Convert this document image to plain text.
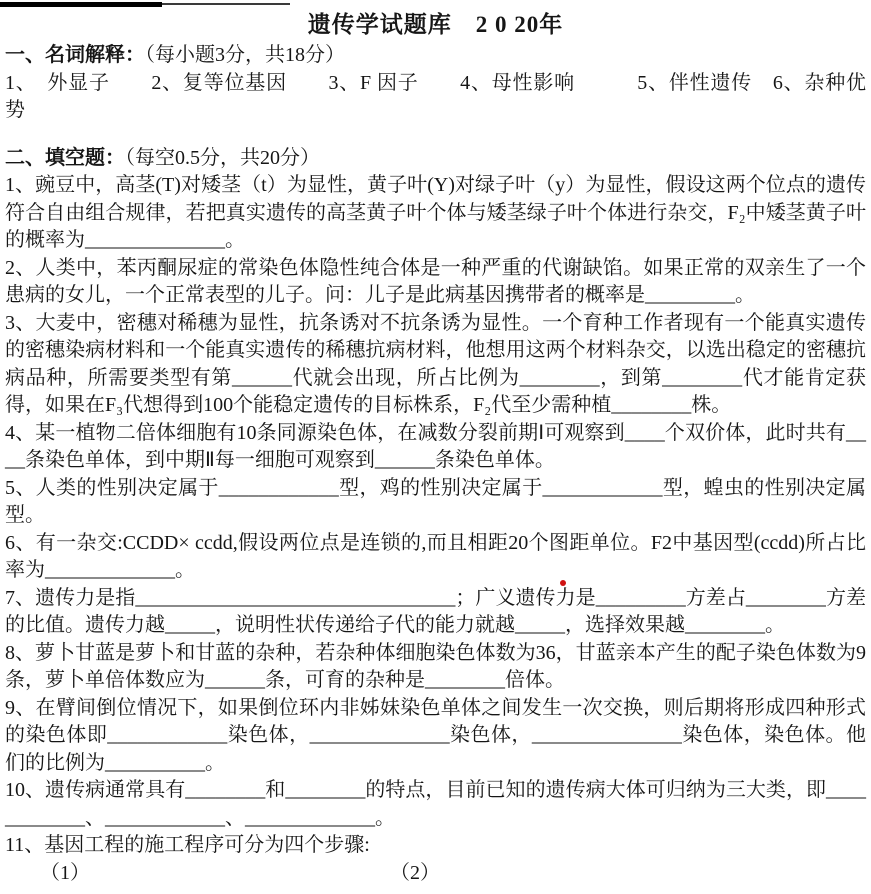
遗传学试题库　2 0 20年

一、名词解释：（每小题3分，共18分）

1、　外显子　　2、复等位基因　　3、F 因子　　4、母性影响　　　5、伴性遗传　6、杂种优

势

二、填空题：（每空0.5分，共20分）

1、豌豆中，高茎(T)对矮茎（t）为显性，黄子叶(Y)对绿子叶（y）为显性，假设这两个位点的遗传符合自由组合规律，若把真实遗传的高茎黄子叶个体与矮茎绿子叶个体进行杂交，F₂中矮茎黄子叶的概率为______________。

2、人类中，苯丙酮尿症的常染色体隐性纯合体是一种严重的代谢缺馅。如果正常的双亲生了一个患病的女儿，一个正常表型的儿子。问：儿子是此病基因携带者的概率是_________。

3、大麦中，密穗对稀穗为显性，抗条诱对不抗条诱为显性。一个育种工作者现有一个能真实遗传的密穗染病材料和一个能真实遗传的稀穗抗病材料，他想用这两个材料杂交，以选出稳定的密穗抗病品种，所需要类型有第______代就会出现，所占比例为________，到第________代才能肯定获得，如果在F₃代想得到100个能稳定遗传的目标株系，F₂代至少需种植________株。

4、某一植物二倍体细胞有10条同源染色体，在减数分裂前期Ⅰ可观察到____个双价体，此时共有____条染色单体，到中期Ⅱ每一细胞可观察到______条染色单体。

5、人类的性别决定属于____________型，鸡的性别决定属于____________型，蝗虫的性别决定属型。

6、有一杂交:CCDD× ccdd,假设两位点是连锁的,而且相距20个图距单位。F2中基因型(ccdd)所占比率为_____________。

7、遗传力是指________________________________；广义遗传力是_________方差占________方差的比值。遗传力越_____，说明性状传递给子代的能力就越_____，选择效果越________。

8、萝卜甘蓝是萝卜和甘蓝的杂种，若杂种体细胞染色体数为36，甘蓝亲本产生的配子染色体数为9条，萝卜单倍体数应为______条，可育的杂种是________倍体。

9、在臂间倒位情况下，如果倒位环内非姊妹染色单体之间发生一次交换，则后期将形成四种形式的染色体即____________染色体，______________染色体，_______________染色体，染色体。他们的比例为__________。

10、遗传病通常具有________和________的特点，目前已知的遗传病大体可归纳为三大类，即____________、____________、_____________。

11、基因工程的施工程序可分为四个步骤:

（1）	（2）
